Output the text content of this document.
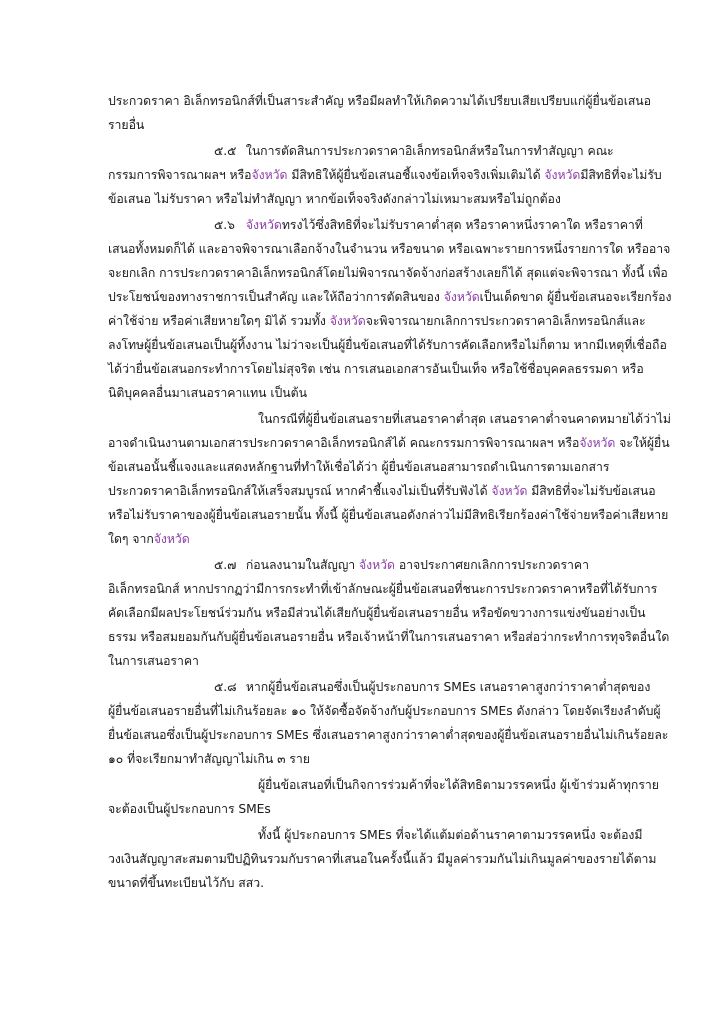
ประกวดราคา อิเล็กทรอนิกส์ที่เป็นสาระสำคัญ หรือมีผลทำให้เกิดความได้เปรียบเสียเปรียบแก่ผู้ยื่นข้อเสนอ
รายอื่น
๕.๕ ในการตัดสินการประกวดราคาอิเล็กทรอนิกส์หรือในการทำสัญญา คณะ
กรรมการพิจารณาผลฯ หรือจังหวัด มีสิทธิให้ผู้ยื่นข้อเสนอชี้แจงข้อเท็จจริงเพิ่มเติมได้ จังหวัดมีสิทธิที่จะไม่รับ
ข้อเสนอ ไม่รับราคา หรือไม่ทำสัญญา หากข้อเท็จจริงดังกล่าวไม่เหมาะสมหรือไม่ถูกต้อง
๕.๖ จังหวัดทรงไว้ซึ่งสิทธิที่จะไม่รับราคาต่ำสุด หรือราคาหนึ่งราคาใด หรือราคาที่
เสนอทั้งหมดก็ได้ และอาจพิจารณาเลือกจ้างในจำนวน หรือขนาด หรือเฉพาะรายการหนึ่งรายการใด หรืออาจ
จะยกเลิก การประกวดราคาอิเล็กทรอนิกส์โดยไม่พิจารณาจัดจ้างก่อสร้างเลยก็ได้ สุดแต่จะพิจารณา ทั้งนี้ เพื่อ
ประโยชน์ของทางราชการเป็นสำคัญ และให้ถือว่าการตัดสินของ จังหวัดเป็นเด็ดขาด ผู้ยื่นข้อเสนอจะเรียกร้อง
ค่าใช้จ่าย หรือค่าเสียหายใดๆ มิได้ รวมทั้ง จังหวัดจะพิจารณายกเลิกการประกวดราคาอิเล็กทรอนิกส์และ
ลงโทษผู้ยื่นข้อเสนอเป็นผู้ทิ้งงาน ไม่ว่าจะเป็นผู้ยื่นข้อเสนอที่ได้รับการคัดเลือกหรือไม่ก็ตาม หากมีเหตุที่เชื่อถือ
ได้ว่ายื่นข้อเสนอกระทำการโดยไม่สุจริต เช่น การเสนอเอกสารอันเป็นเท็จ หรือใช้ชื่อบุคคลธรรมดา หรือ
นิติบุคคลอื่นมาเสนอราคาแทน เป็นต้น
ในกรณีที่ผู้ยื่นข้อเสนอรายที่เสนอราคาต่ำสุด เสนอราคาต่ำจนคาดหมายได้ว่าไม่
อาจดำเนินงานตามเอกสารประกวดราคาอิเล็กทรอนิกส์ได้ คณะกรรมการพิจารณาผลฯ หรือจังหวัด จะให้ผู้ยื่น
ข้อเสนอนั้นชี้แจงและแสดงหลักฐานที่ทำให้เชื่อได้ว่า ผู้ยื่นข้อเสนอสามารถดำเนินการตามเอกสาร
ประกวดราคาอิเล็กทรอนิกส์ให้เสร็จสมบูรณ์ หากคำชี้แจงไม่เป็นที่รับฟังได้ จังหวัด มีสิทธิที่จะไม่รับข้อเสนอ
หรือไม่รับราคาของผู้ยื่นข้อเสนอรายนั้น ทั้งนี้ ผู้ยื่นข้อเสนอดังกล่าวไม่มีสิทธิเรียกร้องค่าใช้จ่ายหรือค่าเสียหาย
ใดๆ จากจังหวัด
๕.๗ ก่อนลงนามในสัญญา จังหวัด อาจประกาศยกเลิกการประกวดราคา
อิเล็กทรอนิกส์ หากปรากฏว่ามีการกระทำที่เข้าลักษณะผู้ยื่นข้อเสนอที่ชนะการประกวดราคาหรือที่ได้รับการ
คัดเลือกมีผลประโยชน์ร่วมกัน หรือมีส่วนได้เสียกับผู้ยื่นข้อเสนอรายอื่น หรือขัดขวางการแข่งขันอย่างเป็น
ธรรม หรือสมยอมกันกับผู้ยื่นข้อเสนอรายอื่น หรือเจ้าหน้าที่ในการเสนอราคา หรือส่อว่ากระทำการทุจริตอื่นใด
ในการเสนอราคา
๕.๘ หากผู้ยื่นข้อเสนอซึ่งเป็นผู้ประกอบการ SMEs เสนอราคาสูงกว่าราคาต่ำสุดของ
ผู้ยื่นข้อเสนอรายอื่นที่ไม่เกินร้อยละ ๑๐ ให้จัดซื้อจัดจ้างกับผู้ประกอบการ SMEs ดังกล่าว โดยจัดเรียงลำดับผู้
ยื่นข้อเสนอซึ่งเป็นผู้ประกอบการ SMEs ซึ่งเสนอราคาสูงกว่าราคาต่ำสุดของผู้ยื่นข้อเสนอรายอื่นไม่เกินร้อยละ
๑๐ ที่จะเรียกมาทำสัญญาไม่เกิน ๓ ราย
ผู้ยื่นข้อเสนอที่เป็นกิจการร่วมค้าที่จะได้สิทธิตามวรรคหนึ่ง ผู้เข้าร่วมค้าทุกราย
จะต้องเป็นผู้ประกอบการ SMEs
ทั้งนี้ ผู้ประกอบการ SMEs ที่จะได้แต้มต่อด้านราคาตามวรรคหนึ่ง จะต้องมี
วงเงินสัญญาสะสมตามปีปฏิทินรวมกับราคาที่เสนอในครั้งนี้แล้ว มีมูลค่ารวมกันไม่เกินมูลค่าของรายได้ตาม
ขนาดที่ขึ้นทะเบียนไว้กับ สสว.
